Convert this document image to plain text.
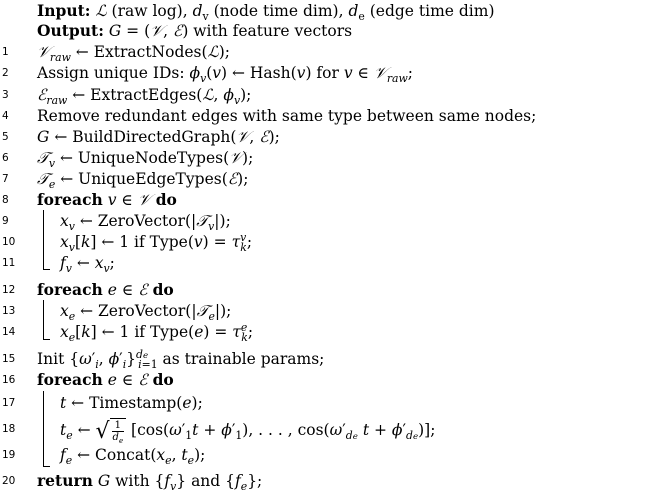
Input: ℒ (raw log), $d_v$ (node time dim), $d_e$ (edge time dim)
Output: G = (𝒱, ℰ) with feature vectors
1	𝒱$_{raw}$ ← ExtractNodes(ℒ);
2	Assign unique IDs: $\phi_v(v)$ ← Hash(v) for v ∈ 𝒱$_{raw}$;
3	ℰ$_{raw}$ ← ExtractEdges(ℒ, $\phi_v$);
4	Remove redundant edges with same type between same nodes;
5	G ← BuildDirectedGraph(𝒱, ℰ);
6	𝒯$_v$ ← UniqueNodeTypes(𝒱);
7	𝒯$_e$ ← UniqueEdgeTypes(ℰ);
8	foreach v ∈ 𝒱 do
9	$x_v$ ← ZeroVector(|𝒯$_v$|);
10	$x_v[k]$ ← 1 if Type(v) = $\tau^v_k$;
11	$f_v$ ← $x_v$;
12	foreach e ∈ ℰ do
13	$x_e$ ← ZeroVector(|𝒯$_e$|);
14	$x_e[k]$ ← 1 if Type(e) = $\tau^e_k$;
15	Init {$\omega'_i$, $\phi'_i\}^{de}_{i=1}$ as trainable params;
16	foreach e ∈ ℰ do
17	t ← Timestamp(e);
18	$t_e$ ← √ $\frac{1}{d_e} [\cos(\omega'_1t + \phi'_1)$, . . . , $\cos(\omega'_{de}$ $t + \phi'_{de}$)];
19	$f_e$ ← $Concat(x_e$, $t_e$);
20	return G with $\{f_v\}$ and $\{f_e\}$;
